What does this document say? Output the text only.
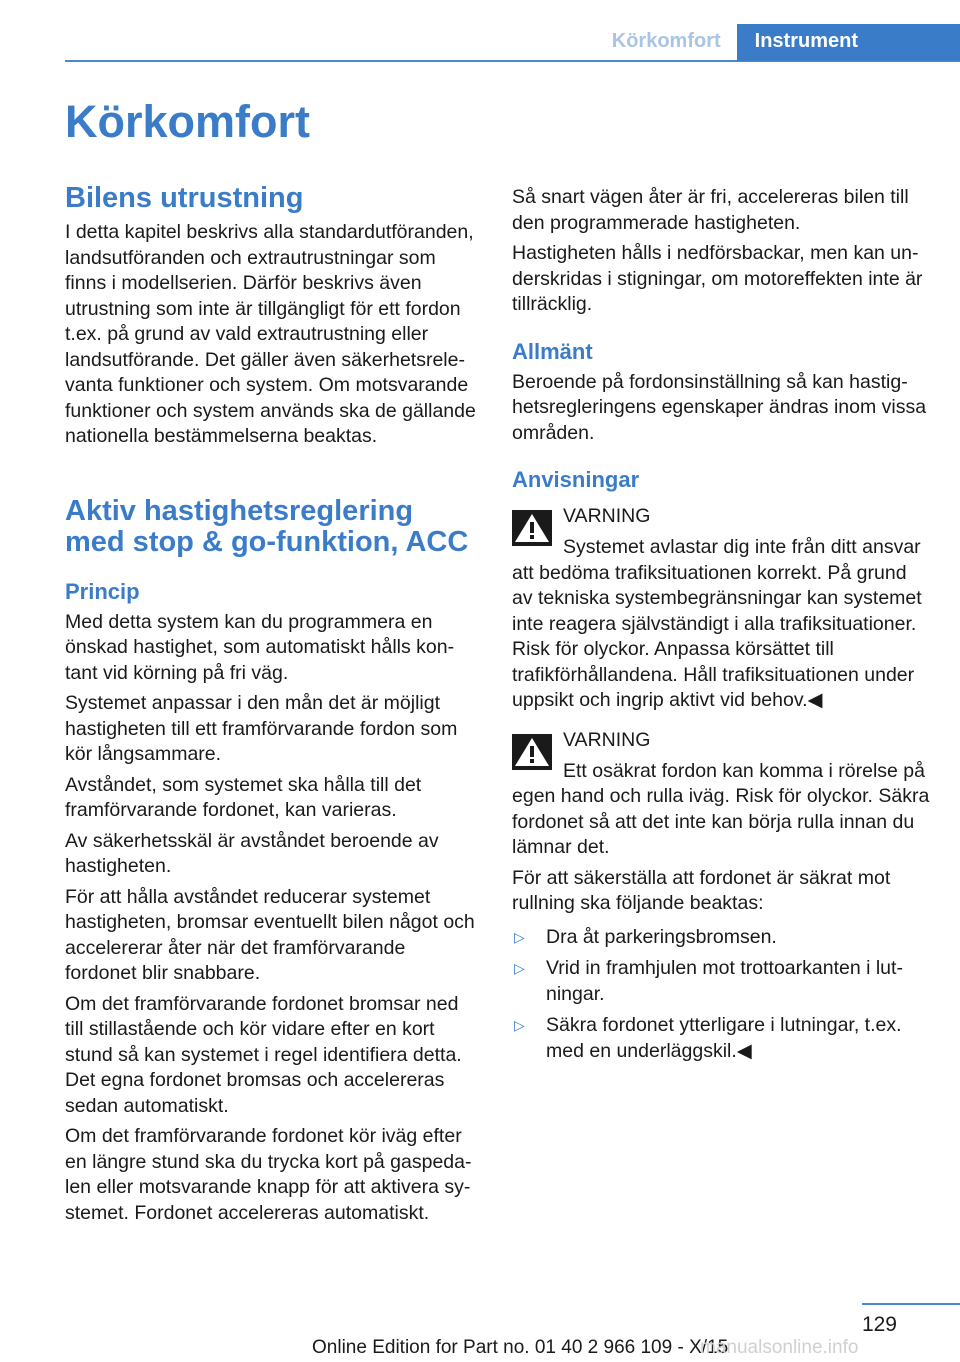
Körkomfort	Instrument
Körkomfort
Bilens utrustning

I detta kapitel beskrivs alla standardutföranden, landsutföranden och extrautrustningar som finns i modellserien. Därför beskrivs även utrustning som inte är tillgängligt för ett fordon t.ex. på grund av vald extrautrustning eller landsutförande. Det gäller även säkerhetsrelevanta funktioner och system. Om motsvarande funktioner och system används ska de gällande nationella bestämmelserna beaktas.

Aktiv hastighetsreglering med stop & go-funktion, ACC
Princip

Med detta system kan du programmera en önskad hastighet, som automatiskt hålls kontant vid körning på fri väg.

Systemet anpassar i den mån det är möjligt hastigheten till ett framförvarande fordon som kör långsammare.

Avståndet, som systemet ska hålla till det framförvarande fordonet, kan varieras.

Av säkerhetsskäl är avståndet beroende av hastigheten.

För att hålla avståndet reducerar systemet hastigheten, bromsar eventuellt bilen något och accelererar åter när det framförvarande fordonet blir snabbare.

Om det framförvarande fordonet bromsar ned till stillastående och kör vidare efter en kort stund så kan systemet i regel identifiera detta. Det egna fordonet bromsas och accelereras sedan automatiskt.

Om det framförvarande fordonet kör iväg efter en längre stund ska du trycka kort på gaspedalen eller motsvarande knapp för att aktivera systemet. Fordonet accelereras automatiskt.

Så snart vägen åter är fri, accelereras bilen till den programmerade hastigheten.

Hastigheten hålls i nedförsbackar, men kan underskridas i stigningar, om motoreffekten inte är tillräcklig.

Allmänt

Beroende på fordonsinställning så kan hastighetsregleringens egenskaper ändras inom vissa områden.

Anvisningar
VARNING

Systemet avlastar dig inte från ditt ansvar att bedöma trafiksituationen korrekt. På grund av tekniska systembegränsningar kan systemet inte reagera självständigt i alla trafiksituationer. Risk för olyckor. Anpassa körsättet till trafikförhållandena. Håll trafiksituationen under uppsikt och ingrip aktivt vid behov.◀

VARNING

Ett osäkrat fordon kan komma i rörelse på egen hand och rulla iväg. Risk för olyckor. Säkra fordonet så att det inte kan börja rulla innan du lämnar det.

För att säkerställa att fordonet är säkrat mot rullning ska följande beaktas:

▷ Dra åt parkeringsbromsen.
▷ Vrid in framhjulen mot trottoarkanten i lutningar.
▷ Säkra fordonet ytterligare i lutningar, t.ex. med en underläggskil.◀
129
Online Edition for Part no. 01 40 2 966 109 - X/15
manualsonline.info
